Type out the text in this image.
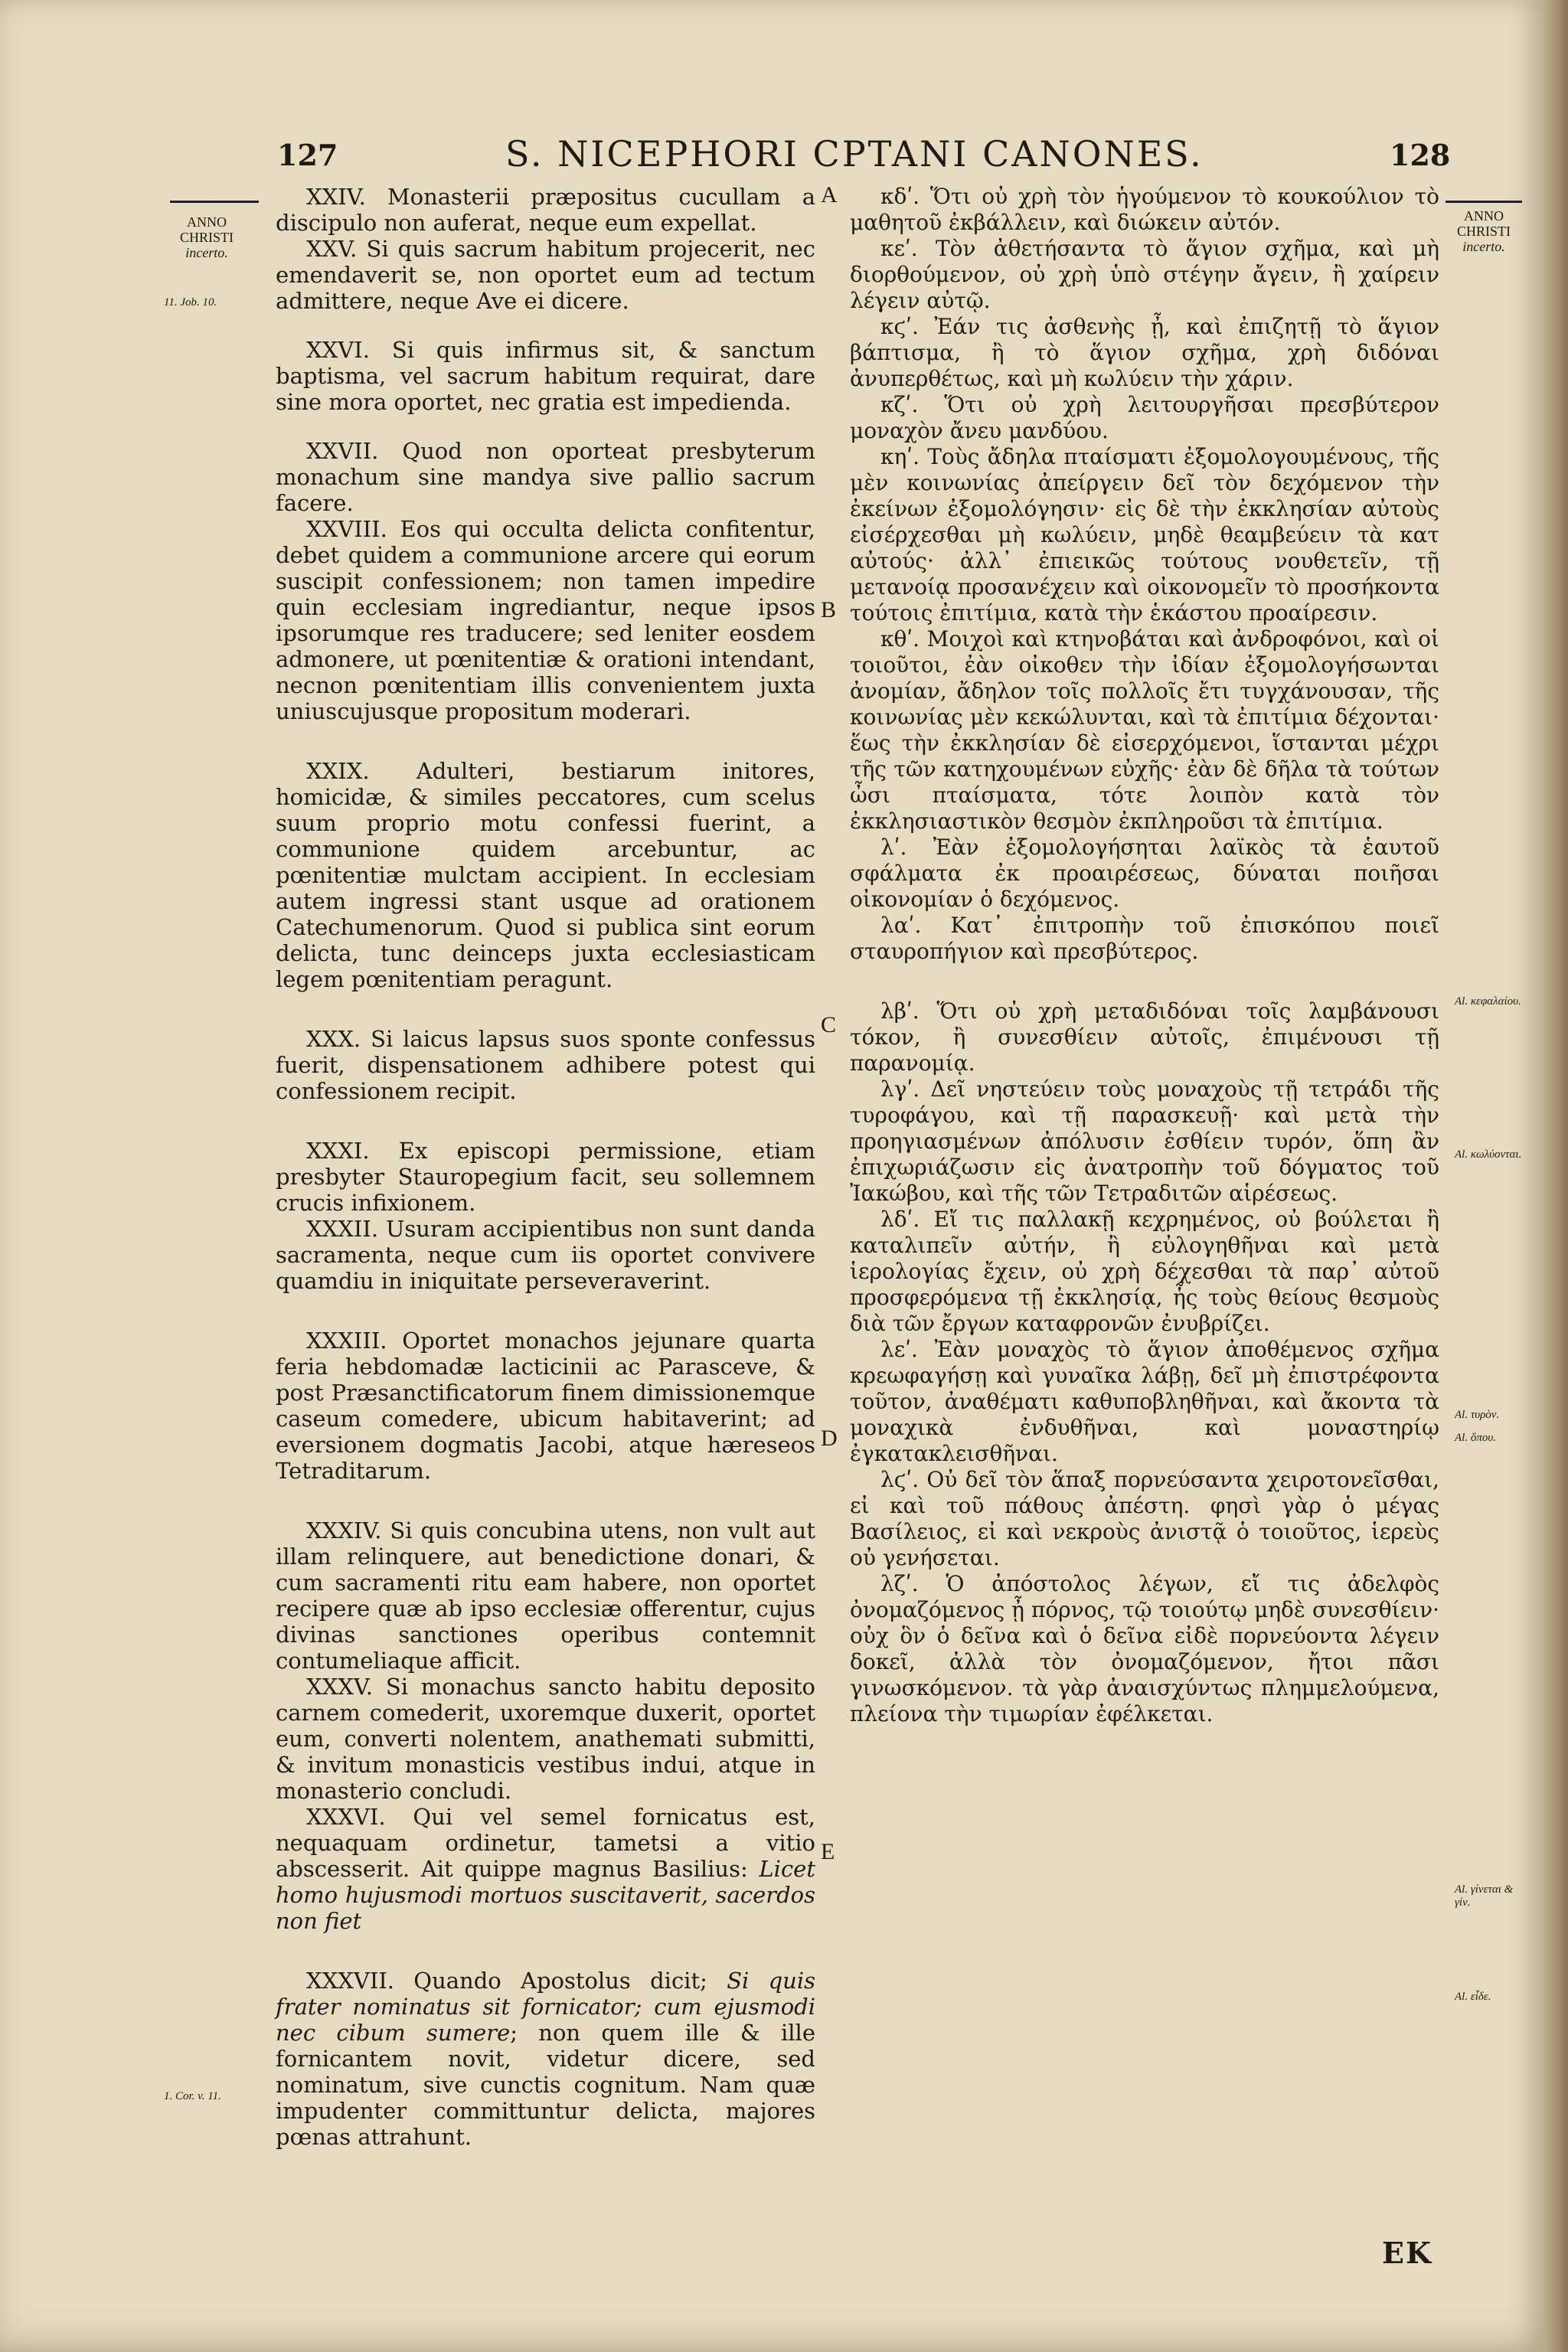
127	S. NICEPHORI CPTANI CANONES.	128
ANNO CHRISTI
incerto.
ANNO CHRISTI
incerto.
11. Job. 10.
1. Cor. v. 11.

XXIV. Monasterii præpositus cucullam a discipulo non auferat, neque eum expellat.

XXV. Si quis sacrum habitum projecerit, nec emendaverit se, non oportet eum ad tectum admittere, neque Ave ei dicere.

XXVI. Si quis infirmus sit, & sanctum baptisma, vel sacrum habitum requirat, dare sine mora oportet, nec gratia est impedienda.

XXVII. Quod non oporteat presbyterum monachum sine mandya sive pallio sacrum facere.

XXVIII. Eos qui occulta delicta confitentur, debet quidem a communione arcere qui eorum suscipit confessionem; non tamen impedire quin ecclesiam ingrediantur, neque ipsos ipsorumque res traducere; sed leniter eosdem admonere, ut pœnitentiæ & orationi intendant, necnon pœnitentiam illis convenientem juxta uniuscujusque propositum moderari.

XXIX. Adulteri, bestiarum initores, homicidæ, & similes peccatores, cum scelus suum proprio motu confessi fuerint, a communione quidem arcebuntur, ac pœnitentiæ mulctam accipient. In ecclesiam autem ingressi stant usque ad orationem Catechumenorum. Quod si publica sint eorum delicta, tunc deinceps juxta ecclesiasticam legem pœnitentiam peragunt.

XXX. Si laicus lapsus suos sponte confessus fuerit, dispensationem adhibere potest qui confessionem recipit.

XXXI. Ex episcopi permissione, etiam presbyter Stauropegium facit, seu sollemnem crucis infixionem.

XXXII. Usuram accipientibus non sunt danda sacramenta, neque cum iis oportet convivere quamdiu in iniquitate perseveraverint.

XXXIII. Oportet monachos jejunare quarta feria hebdomadæ lacticinii ac Parasceve, & post Præsanctificatorum finem dimissionemque caseum comedere, ubicum habitaverint; ad eversionem dogmatis Jacobi, atque hæreseos Tetraditarum.

XXXIV. Si quis concubina utens, non vult aut illam relinquere, aut benedictione donari, & cum sacramenti ritu eam habere, non oportet recipere quæ ab ipso ecclesiæ offerentur, cujus divinas sanctiones operibus contemnit contumeliaque afficit.

XXXV. Si monachus sancto habitu deposito carnem comederit, uxoremque duxerit, oportet eum, converti nolentem, anathemati submitti, & invitum monasticis vestibus indui, atque in monasterio concludi.

XXXVI. Qui vel semel fornicatus est, nequaquam ordinetur, tametsi a vitio abscesserit. Ait quippe magnus Basilius: Licet homo hujusmodi mortuos suscitaverit, sacerdos non fiet

XXXVII. Quando Apostolus dicit; Si quis frater nominatus sit fornicator; cum ejusmodi nec cibum sumere; non quem ille & ille fornicantem novit, videtur dicere, sed nominatum, sive cunctis cognitum. Nam quæ impudenter committuntur delicta, majores pœnas attrahunt.

A
B
C
D
E

κδʹ. Ὅτι οὐ χρὴ τὸν ἡγούμενον τὸ κουκούλιον τὸ μαθητοῦ ἐκβάλλειν, καὶ διώκειν αὐτόν.

κεʹ. Τὸν ἀθετήσαντα τὸ ἅγιον σχῆμα, καὶ μὴ διορθούμενον, οὐ χρὴ ὑπὸ στέγην ἄγειν, ἢ χαίρειν λέγειν αὐτῷ.

κϛʹ. Ἐάν τις ἀσθενὴς ᾖ, καὶ ἐπιζητῇ τὸ ἅγιον βάπτισμα, ἢ τὸ ἅγιον σχῆμα, χρὴ διδόναι ἀνυπερθέτως, καὶ μὴ κωλύειν τὴν χάριν.

κζʹ. Ὅτι οὐ χρὴ λειτουργῆσαι πρεσβύτερον μοναχὸν ἄνευ μανδύου.

κηʹ. Τοὺς ἄδηλα πταίσματι ἐξομολογουμένους, τῆς μὲν κοινωνίας ἀπείργειν δεῖ τὸν δεχόμενον τὴν ἐκείνων ἐξομολόγησιν· εἰς δὲ τὴν ἐκκλησίαν αὐτοὺς εἰσέρχεσθαι μὴ κωλύειν, μηδὲ θεαμβεύειν τὰ κατ αὐτούς· ἀλλ᾽ ἐπιεικῶς τούτους νουθετεῖν, τῇ μετανοίᾳ προσανέχειν καὶ οἰκονομεῖν τὸ προσήκοντα τούτοις ἐπιτίμια, κατὰ τὴν ἑκάστου προαίρεσιν.

κθʹ. Μοιχοὶ καὶ κτηνοβάται καὶ ἀνδροφόνοι, καὶ οἱ τοιοῦτοι, ἐὰν οἰκοθεν τὴν ἰδίαν ἐξομολογήσωνται ἀνομίαν, ἄδηλον τοῖς πολλοῖς ἔτι τυγχάνουσαν, τῆς κοινωνίας μὲν κεκώλυνται, καὶ τὰ ἐπιτίμια δέχονται· ἕως τὴν ἐκκλησίαν δὲ εἰσερχόμενοι, ἵστανται μέχρι τῆς τῶν κατηχουμένων εὐχῆς· ἐὰν δὲ δῆλα τὰ τούτων ὦσι πταίσματα, τότε λοιπὸν κατὰ τὸν ἐκκλησιαστικὸν θεσμὸν ἐκπληροῦσι τὰ ἐπιτίμια.

λʹ. Ἐὰν ἐξομολογήσηται λαϊκὸς τὰ ἑαυτοῦ σφάλματα ἐκ προαιρέσεως, δύναται ποιῆσαι οἰκονομίαν ὁ δεχόμενος.

λαʹ. Κατ᾽ ἐπιτροπὴν τοῦ ἐπισκόπου ποιεῖ σταυροπήγιον καὶ πρεσβύτερος.

λβʹ. Ὅτι οὐ χρὴ μεταδιδόναι τοῖς λαμβάνουσι τόκον, ἢ συνεσθίειν αὐτοῖς, ἐπιμένουσι τῇ παρανομίᾳ.

λγʹ. Δεῖ νηστεύειν τοὺς μοναχοὺς τῇ τετράδι τῆς τυροφάγου, καὶ τῇ παρασκευῇ· καὶ μετὰ τὴν προηγιασμένων ἀπόλυσιν ἐσθίειν τυρόν, ὅπη ἂν ἐπιχωριάζωσιν εἰς ἀνατροπὴν τοῦ δόγματος τοῦ Ἰακώβου, καὶ τῆς τῶν Τετραδιτῶν αἱρέσεως.

λδʹ. Εἴ τις παλλακῇ κεχρημένος, οὐ βούλεται ἢ καταλιπεῖν αὐτήν, ἢ εὐλογηθῆναι καὶ μετὰ ἱερολογίας ἔχειν, οὐ χρὴ δέχεσθαι τὰ παρ᾽ αὐτοῦ προσφερόμενα τῇ ἐκκλησίᾳ, ἧς τοὺς θείους θεσμοὺς διὰ τῶν ἔργων καταφρονῶν ἐνυβρίζει.

λεʹ. Ἐὰν μοναχὸς τὸ ἅγιον ἀποθέμενος σχῆμα κρεωφαγήσῃ καὶ γυναῖκα λάβῃ, δεῖ μὴ ἐπιστρέφοντα τοῦτον, ἀναθέματι καθυποβληθῆναι, καὶ ἄκοντα τὰ μοναχικὰ ἐνδυθῆναι, καὶ μοναστηρίῳ ἐγκατακλεισθῆναι.

λϛʹ. Οὐ δεῖ τὸν ἅπαξ πορνεύσαντα χειροτονεῖσθαι, εἰ καὶ τοῦ πάθους ἀπέστη. φησὶ γὰρ ὁ μέγας Βασίλειος, εἰ καὶ νεκροὺς ἀνιστᾷ ὁ τοιοῦτος, ἱερεὺς οὐ γενήσεται.

λζʹ. Ὁ ἀπόστολος λέγων, εἴ τις ἀδελφὸς ὀνομαζόμενος ᾖ πόρνος, τῷ τοιούτῳ μηδὲ συνεσθίειν· οὐχ ὃν ὁ δεῖνα καὶ ὁ δεῖνα εἰδὲ πορνεύοντα λέγειν δοκεῖ, ἀλλὰ τὸν ὀνομαζόμενον, ἤτοι πᾶσι γινωσκόμενον. τὰ γὰρ ἀναισχύντως πλημμελούμενα, πλείονα τὴν τιμωρίαν ἐφέλκεται.

Al. κωλύονται.
Al. κεφαλαίου.
Al. τυρὸν.
Al. ὅπου.
Al. γίνεται & γίν.
Al. εἶδε.
EK
